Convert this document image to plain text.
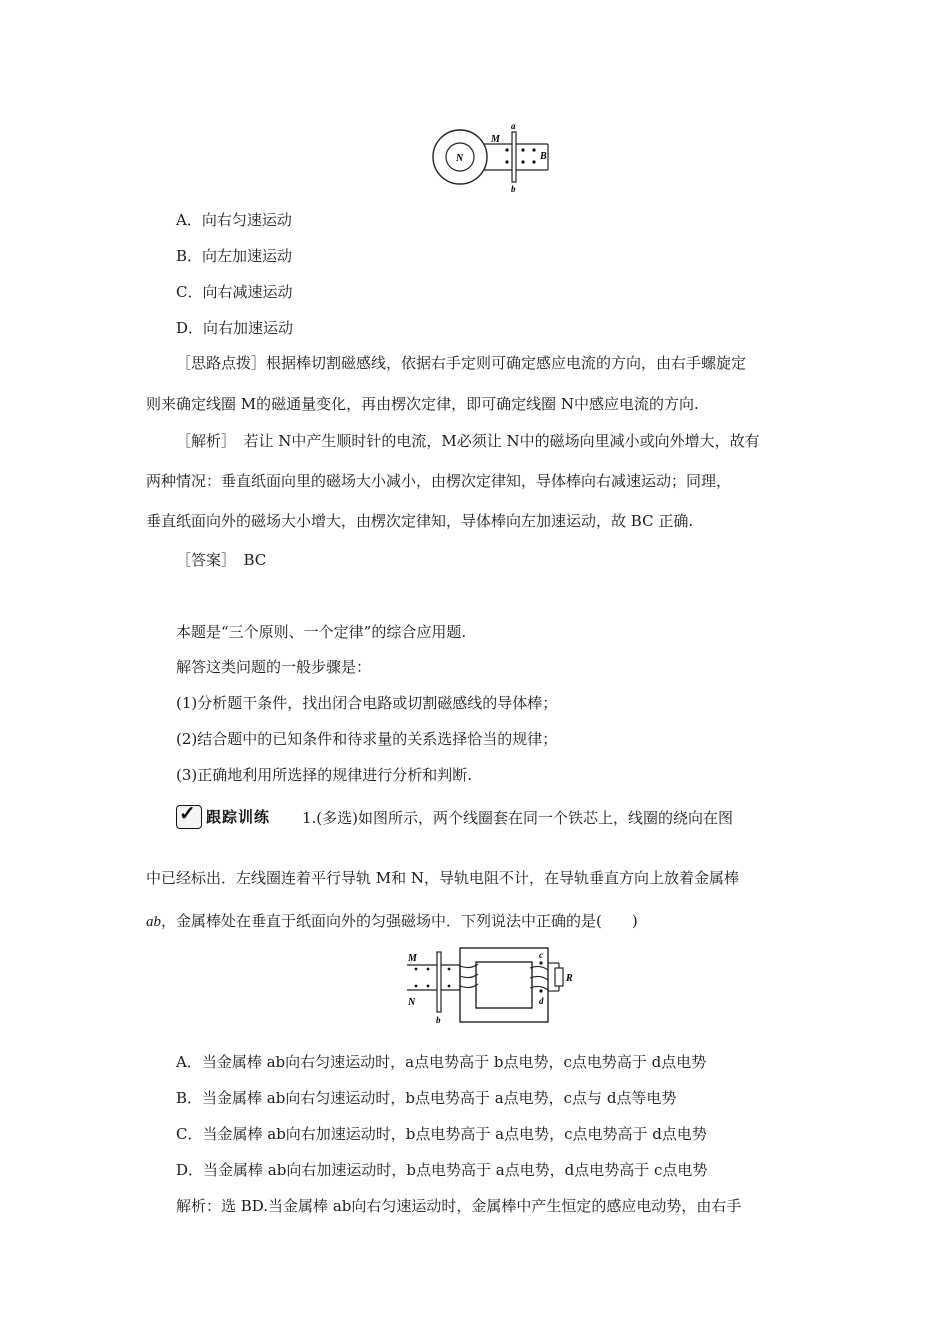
N
M
a
b
B
A．向右匀速运动
B．向左加速运动
C．向右减速运动
D．向右加速运动
［思路点拨］根据棒切割磁感线，依据右手定则可确定感应电流的方向，由右手螺旋定
则来确定线圈 M的磁通量变化，再由楞次定律，即可确定线圈 N中感应电流的方向.
［解析］　若让 N中产生顺时针的电流，M必须让 N中的磁场向里减小或向外增大，故有
两种情况：垂直纸面向里的磁场大小减小，由楞次定律知，导体棒向右减速运动；同理，
垂直纸面向外的磁场大小增大，由楞次定律知，导体棒向左加速运动，故 BC 正确.
［答案］　BC
本题是“三个原则、一个定律”的综合应用题.
解答这类问题的一般步骤是：
(1)分析题干条件，找出闭合电路或切割磁感线的导体棒；
(2)结合题中的已知条件和待求量的关系选择恰当的规律；
(3)正确地利用所选择的规律进行分析和判断.
✓ 跟踪训练 1.(多选)如图所示，两个线圈套在同一个铁芯上，线圈的绕向在图
中已经标出．左线圈连着平行导轨 M和 N，导轨电阻不计，在导轨垂直方向上放着金属棒
ab，金属棒处在垂直于纸面向外的匀强磁场中．下列说法中正确的是(　　)
M
N
b
c
d
R
A．当金属棒 ab向右匀速运动时，a点电势高于 b点电势，c点电势高于 d点电势
B．当金属棒 ab向右匀速运动时，b点电势高于 a点电势，c点与 d点等电势
C．当金属棒 ab向右加速运动时，b点电势高于 a点电势，c点电势高于 d点电势
D．当金属棒 ab向右加速运动时，b点电势高于 a点电势，d点电势高于 c点电势
解析：选 BD.当金属棒 ab向右匀速运动时，金属棒中产生恒定的感应电动势，由右手
